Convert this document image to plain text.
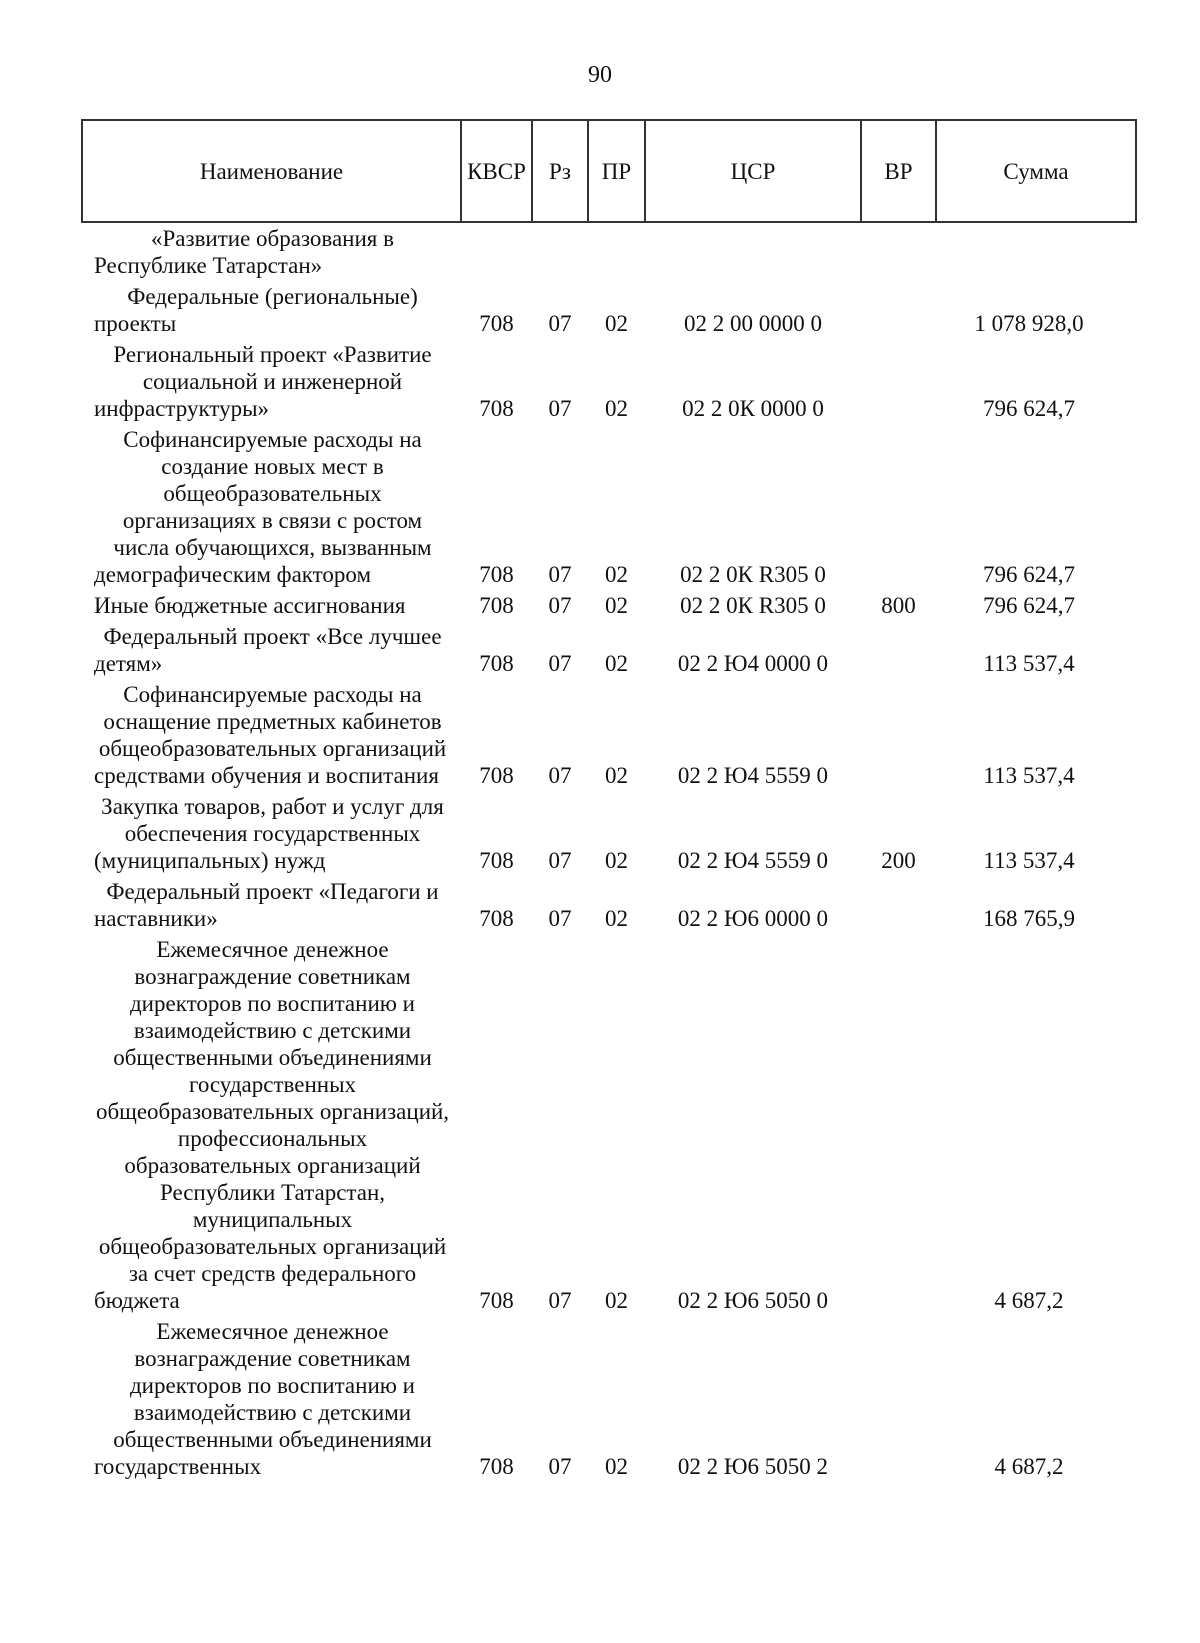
90
Наименование	КВСР	Рз	ПР	ЦСР	ВР	Сумма
«Развитие образования в Республике Татарстан»						
Федеральные (региональные) проекты	708	07	02	02 2 00 0000 0		1 078 928,0
Региональный проект «Развитие социальной и инженерной инфраструктуры»	708	07	02	02 2 0К 0000 0		796 624,7
Софинансируемые расходы на создание новых мест в общеобразовательных организациях в связи с ростом числа обучающихся, вызванным демографическим фактором	708	07	02	02 2 0К R305 0		796 624,7
Иные бюджетные ассигнования	708	07	02	02 2 0К R305 0	800	796 624,7
Федеральный проект «Все лучшее детям»	708	07	02	02 2 Ю4 0000 0		113 537,4
Софинансируемые расходы на оснащение предметных кабинетов общеобразовательных организаций средствами обучения и воспитания	708	07	02	02 2 Ю4 5559 0		113 537,4
Закупка товаров, работ и услуг для обеспечения государственных (муниципальных) нужд	708	07	02	02 2 Ю4 5559 0	200	113 537,4
Федеральный проект «Педагоги и наставники»	708	07	02	02 2 Ю6 0000 0		168 765,9
Ежемесячное денежное вознаграждение советникам директоров по воспитанию и взаимодействию с детскими общественными объединениями государственных общеобразовательных организаций, профессиональных образовательных организаций Республики Татарстан, муниципальных общеобразовательных организаций за счет средств федерального бюджета	708	07	02	02 2 Ю6 5050 0		4 687,2
Ежемесячное денежное вознаграждение советникам директоров по воспитанию и взаимодействию с детскими общественными объединениями государственных	708	07	02	02 2 Ю6 5050 2		4 687,2
